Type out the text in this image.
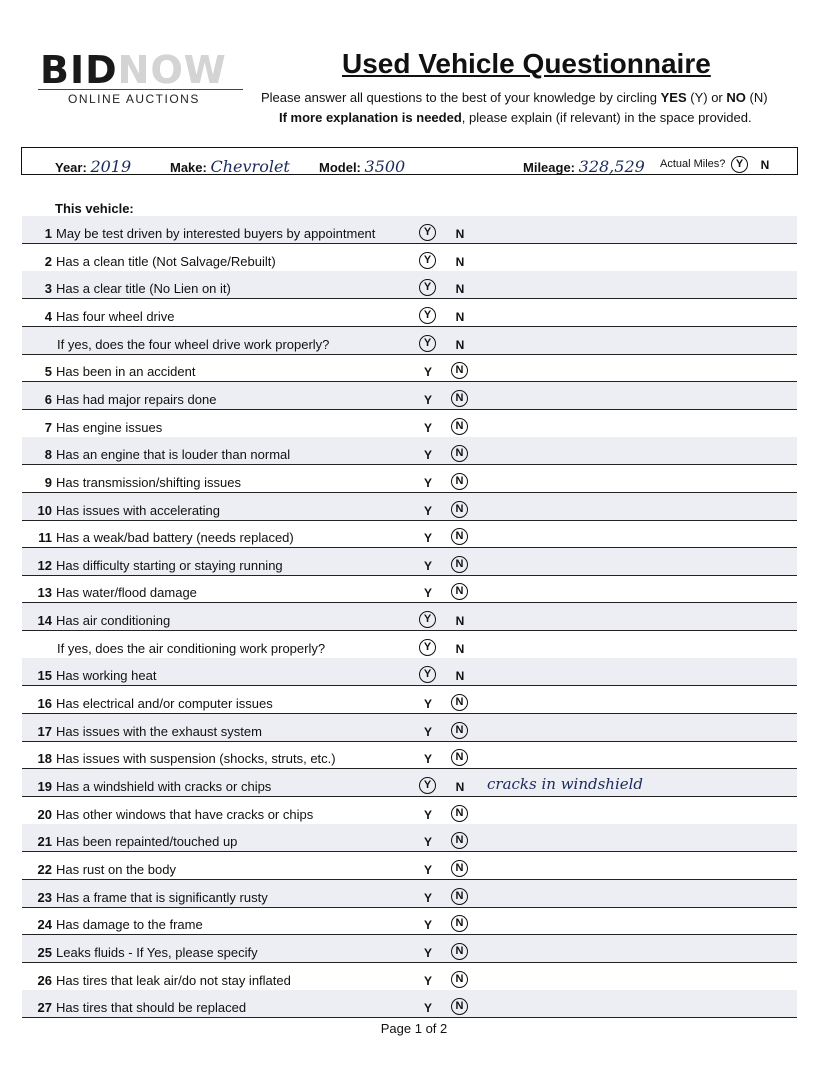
BIDNOW
ONLINE AUCTIONS
Used Vehicle Questionnaire
Please answer all questions to the best of your knowledge by circling YES (Y) or NO (N)
If more explanation is needed, please explain (if relevant) in the space provided.
Year: 2019	Make: Chevrolet Model: 3500	Mileage: 328,529 Actual Miles? Y	N
This vehicle:
1 May be test driven by interested buyers by appointment	Y	N
2 Has a clean title (Not Salvage/Rebuilt)	Y	N
3 Has a clear title (No Lien on it)	Y	N
4 Has four wheel drive	Y	N
If yes, does the four wheel drive work properly?	Y	N
5 Has been in an accident	Y	N
6 Has had major repairs done	Y	N
7 Has engine issues	Y	N
8 Has an engine that is louder than normal	Y	N
9 Has transmission/shifting issues	Y	N
10 Has issues with accelerating	Y	N
11 Has a weak/bad battery (needs replaced)	Y	N
12 Has difficulty starting or staying running	Y	N
13 Has water/flood damage	Y	N
14 Has air conditioning	Y	N
If yes, does the air conditioning work properly?	Y	N
15 Has working heat	Y	N
16 Has electrical and/or computer issues	Y	N
17 Has issues with the exhaust system	Y	N
18 Has issues with suspension (shocks, struts, etc.)	Y	N
19 Has a windshield with cracks or chips	Y	N	cracks in windshield
20 Has other windows that have cracks or chips	Y	N
21 Has been repainted/touched up	Y	N
22 Has rust on the body	Y	N
23 Has a frame that is significantly rusty	Y	N
24 Has damage to the frame	Y	N
25 Leaks fluids - If Yes, please specify	Y	N
26 Has tires that leak air/do not stay inflated	Y	N
27 Has tires that should be replaced	Y	N
Page 1 of 2
